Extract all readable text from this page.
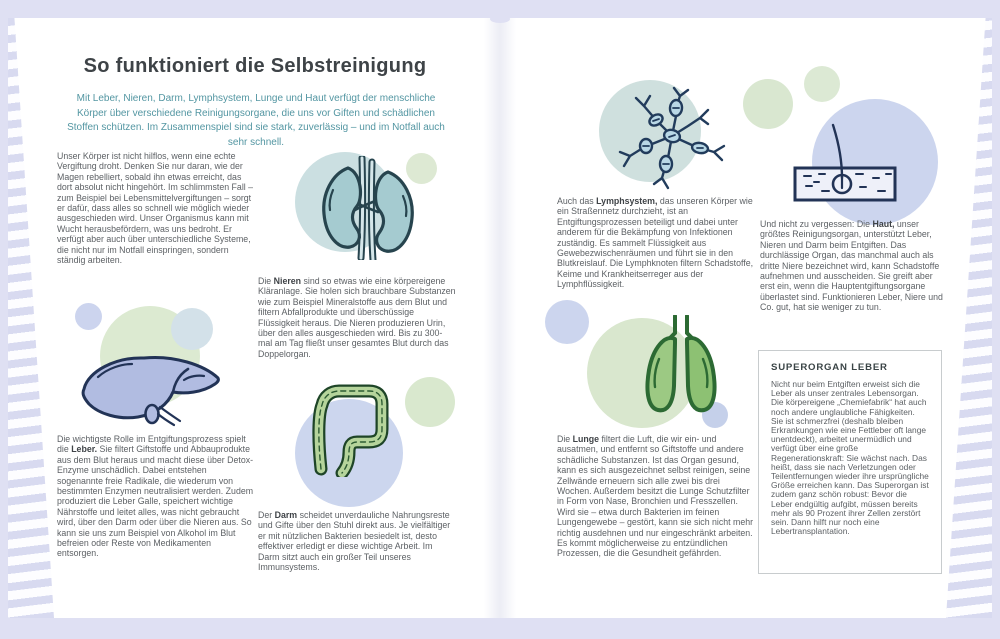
So funktioniert die Selbstreinigung

Mit Leber, Nieren, Darm, Lymphsystem, Lunge und Haut verfügt der menschliche Körper über verschiedene Reinigungsorgane, die uns vor Giften und schädlichen Stoffen schützen. Im Zusammenspiel sind sie stark, zuverlässig – und im Notfall auch sehr schnell.

Unser Körper ist nicht hilflos, wenn eine echte Vergiftung droht. Denken Sie nur daran, wie der Magen rebelliert, sobald ihn etwas erreicht, das dort absolut nicht hingehört. Im schlimmsten Fall – zum Beispiel bei Lebensmittelvergiftungen – sorgt er dafür, dass alles so schnell wie möglich wieder ausgeschieden wird. Unser Organismus kann mit Wucht herausbefördern, was uns bedroht. Er verfügt aber auch über unterschiedliche Systeme, die nicht nur im Notfall einspringen, sondern ständig arbeiten.

Die Nieren sind so etwas wie eine körpereigene Kläranlage. Sie holen sich brauchbare Substanzen wie zum Beispiel Mineralstoffe aus dem Blut und filtern Abfallprodukte und überschüssige Flüssigkeit heraus. Die Nieren produzieren Urin, über den alles ausgeschieden wird. Bis zu 300-mal am Tag fließt unser gesamtes Blut durch das Doppelorgan.

Die wichtigste Rolle im Entgiftungsprozess spielt die Leber. Sie filtert Giftstoffe und Abbauprodukte aus dem Blut heraus und macht diese über Detox-Enzyme unschädlich. Dabei entstehen sogenannte freie Radikale, die wiederum von bestimmten Enzymen neutralisiert werden. Zudem produziert die Leber Galle, speichert wichtige Nährstoffe und leitet alles, was nicht gebraucht wird, über den Darm oder über die Nieren aus. So kann sie uns zum Beispiel von Alkohol im Blut befreien oder Reste von Medikamenten entsorgen.

Der Darm scheidet unverdauliche Nahrungsreste und Gifte über den Stuhl direkt aus. Je vielfältiger er mit nützlichen Bakterien besiedelt ist, desto effektiver erledigt er diese wichtige Arbeit. Im Darm sitzt auch ein großer Teil unseres Immunsystems.

Auch das Lymphsystem, das unseren Körper wie ein Straßennetz durchzieht, ist an Entgiftungsprozessen beteiligt und dabei unter anderem für die Bekämpfung von Infektionen zuständig. Es sammelt Flüssigkeit aus Gewebezwischenräumen und führt sie in den Blutkreislauf. Die Lymphknoten filtern Schadstoffe, Keime und Krankheitserreger aus der Lymphflüssigkeit.

Die Lunge filtert die Luft, die wir ein- und ausatmen, und entfernt so Giftstoffe und andere schädliche Substanzen. Ist das Organ gesund, kann es sich ausgezeichnet selbst reinigen, seine Zellwände erneuern sich alle zwei bis drei Wochen. Außerdem besitzt die Lunge Schutzfilter in Form von Nase, Bronchien und Fresszellen. Wird sie – etwa durch Bakterien im feinen Lungengewebe – gestört, kann sie sich nicht mehr richtig ausdehnen und nur eingeschränkt arbeiten. Es kommt möglicherweise zu entzündlichen Prozessen, die die Gesundheit gefährden.

Und nicht zu vergessen: Die Haut, unser größtes Reinigungsorgan, unterstützt Leber, Nieren und Darm beim Entgiften. Das durchlässige Organ, das manchmal auch als dritte Niere bezeichnet wird, kann Schadstoffe aufnehmen und ausscheiden. Sie greift aber erst ein, wenn die Hauptentgiftungsorgane überlastet sind. Funktionieren Leber, Niere und Co. gut, hat sie weniger zu tun.

SUPERORGAN LEBER

Nicht nur beim Entgiften erweist sich die Leber als unser zentrales Lebensorgan. Die körpereigene „Chemiefabrik“ hat auch noch andere unglaubliche Fähigkeiten. Sie ist schmerzfrei (deshalb bleiben Erkrankungen wie eine Fettleber oft lange unentdeckt), arbeitet unermüdlich und verfügt über eine große Regenerationskraft: Sie wächst nach. Das heißt, dass sie nach Verletzungen oder Teilentfernungen wieder ihre ursprüngliche Größe erreichen kann. Das Superorgan ist zudem ganz schön robust: Bevor die Leber endgültig aufgibt, müssen bereits mehr als 90 Prozent ihrer Zellen zerstört sein. Dann hilft nur noch eine Lebertransplantation.
